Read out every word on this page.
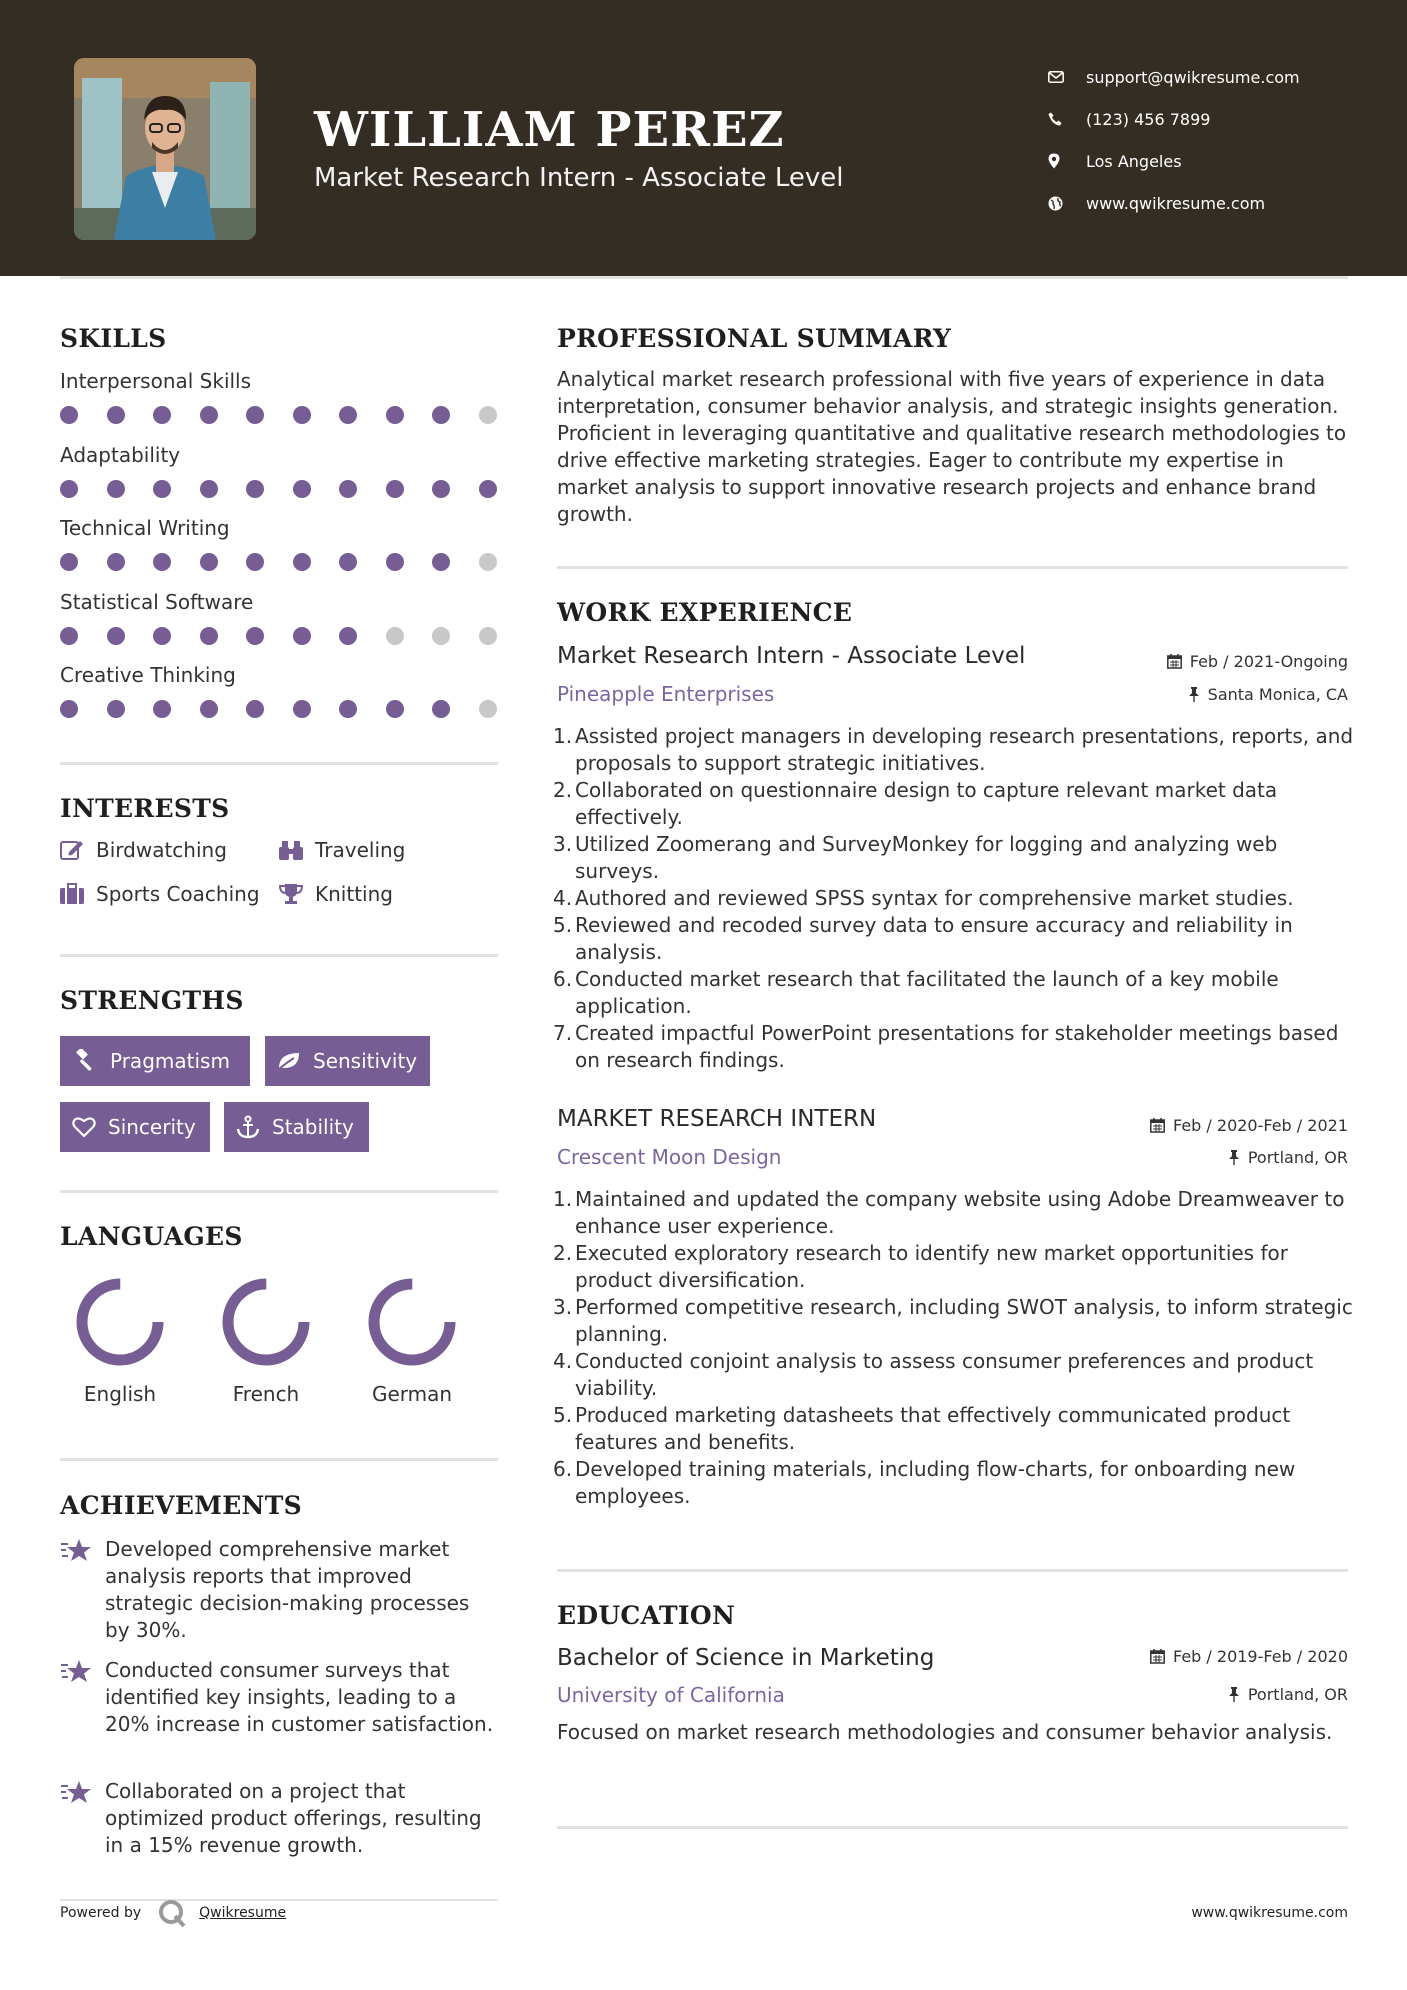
WILLIAM PEREZ
Market Research Intern - Associate Level
support@qwikresume.com
(123) 456 7899
Los Angeles
www.qwikresume.com
SKILLS
Interpersonal Skills
Adaptability
Technical Writing
Statistical Software
Creative Thinking
INTERESTS
Birdwatching	Traveling
Sports Coaching	Knitting
STRENGTHS
Pragmatism	Sensitivity
Sincerity	Stability
LANGUAGES
English	French	German
ACHIEVEMENTS
Developed comprehensive market analysis reports that improved strategic decision-making processes by 30%.
Conducted consumer surveys that identified key insights, leading to a 20% increase in customer satisfaction.
Collaborated on a project that optimized product offerings, resulting in a 15% revenue growth.
PROFESSIONAL SUMMARY

Analytical market research professional with five years of experience in data interpretation, consumer behavior analysis, and strategic insights generation. Proficient in leveraging quantitative and qualitative research methodologies to drive effective marketing strategies. Eager to contribute my expertise in market analysis to support innovative research projects and enhance brand growth.

WORK EXPERIENCE
Market Research Intern - Associate Level	Feb / 2021-Ongoing
Pineapple Enterprises	Santa Monica, CA
1. Assisted project managers in developing research presentations, reports, and proposals to support strategic initiatives.
2. Collaborated on questionnaire design to capture relevant market data effectively.
3. Utilized Zoomerang and SurveyMonkey for logging and analyzing web surveys.
4. Authored and reviewed SPSS syntax for comprehensive market studies.
5. Reviewed and recoded survey data to ensure accuracy and reliability in analysis.
6. Conducted market research that facilitated the launch of a key mobile application.
7. Created impactful PowerPoint presentations for stakeholder meetings based on research findings.
MARKET RESEARCH INTERN	Feb / 2020-Feb / 2021
Crescent Moon Design	Portland, OR
1. Maintained and updated the company website using Adobe Dreamweaver to enhance user experience.
2. Executed exploratory research to identify new market opportunities for product diversification.
3. Performed competitive research, including SWOT analysis, to inform strategic planning.
4. Conducted conjoint analysis to assess consumer preferences and product viability.
5. Produced marketing datasheets that effectively communicated product features and benefits.
6. Developed training materials, including flow-charts, for onboarding new employees.
EDUCATION
Bachelor of Science in Marketing	Feb / 2019-Feb / 2020
University of California	Portland, OR

Focused on market research methodologies and consumer behavior analysis.

Powered by	Qwikresume	www.qwikresume.com
